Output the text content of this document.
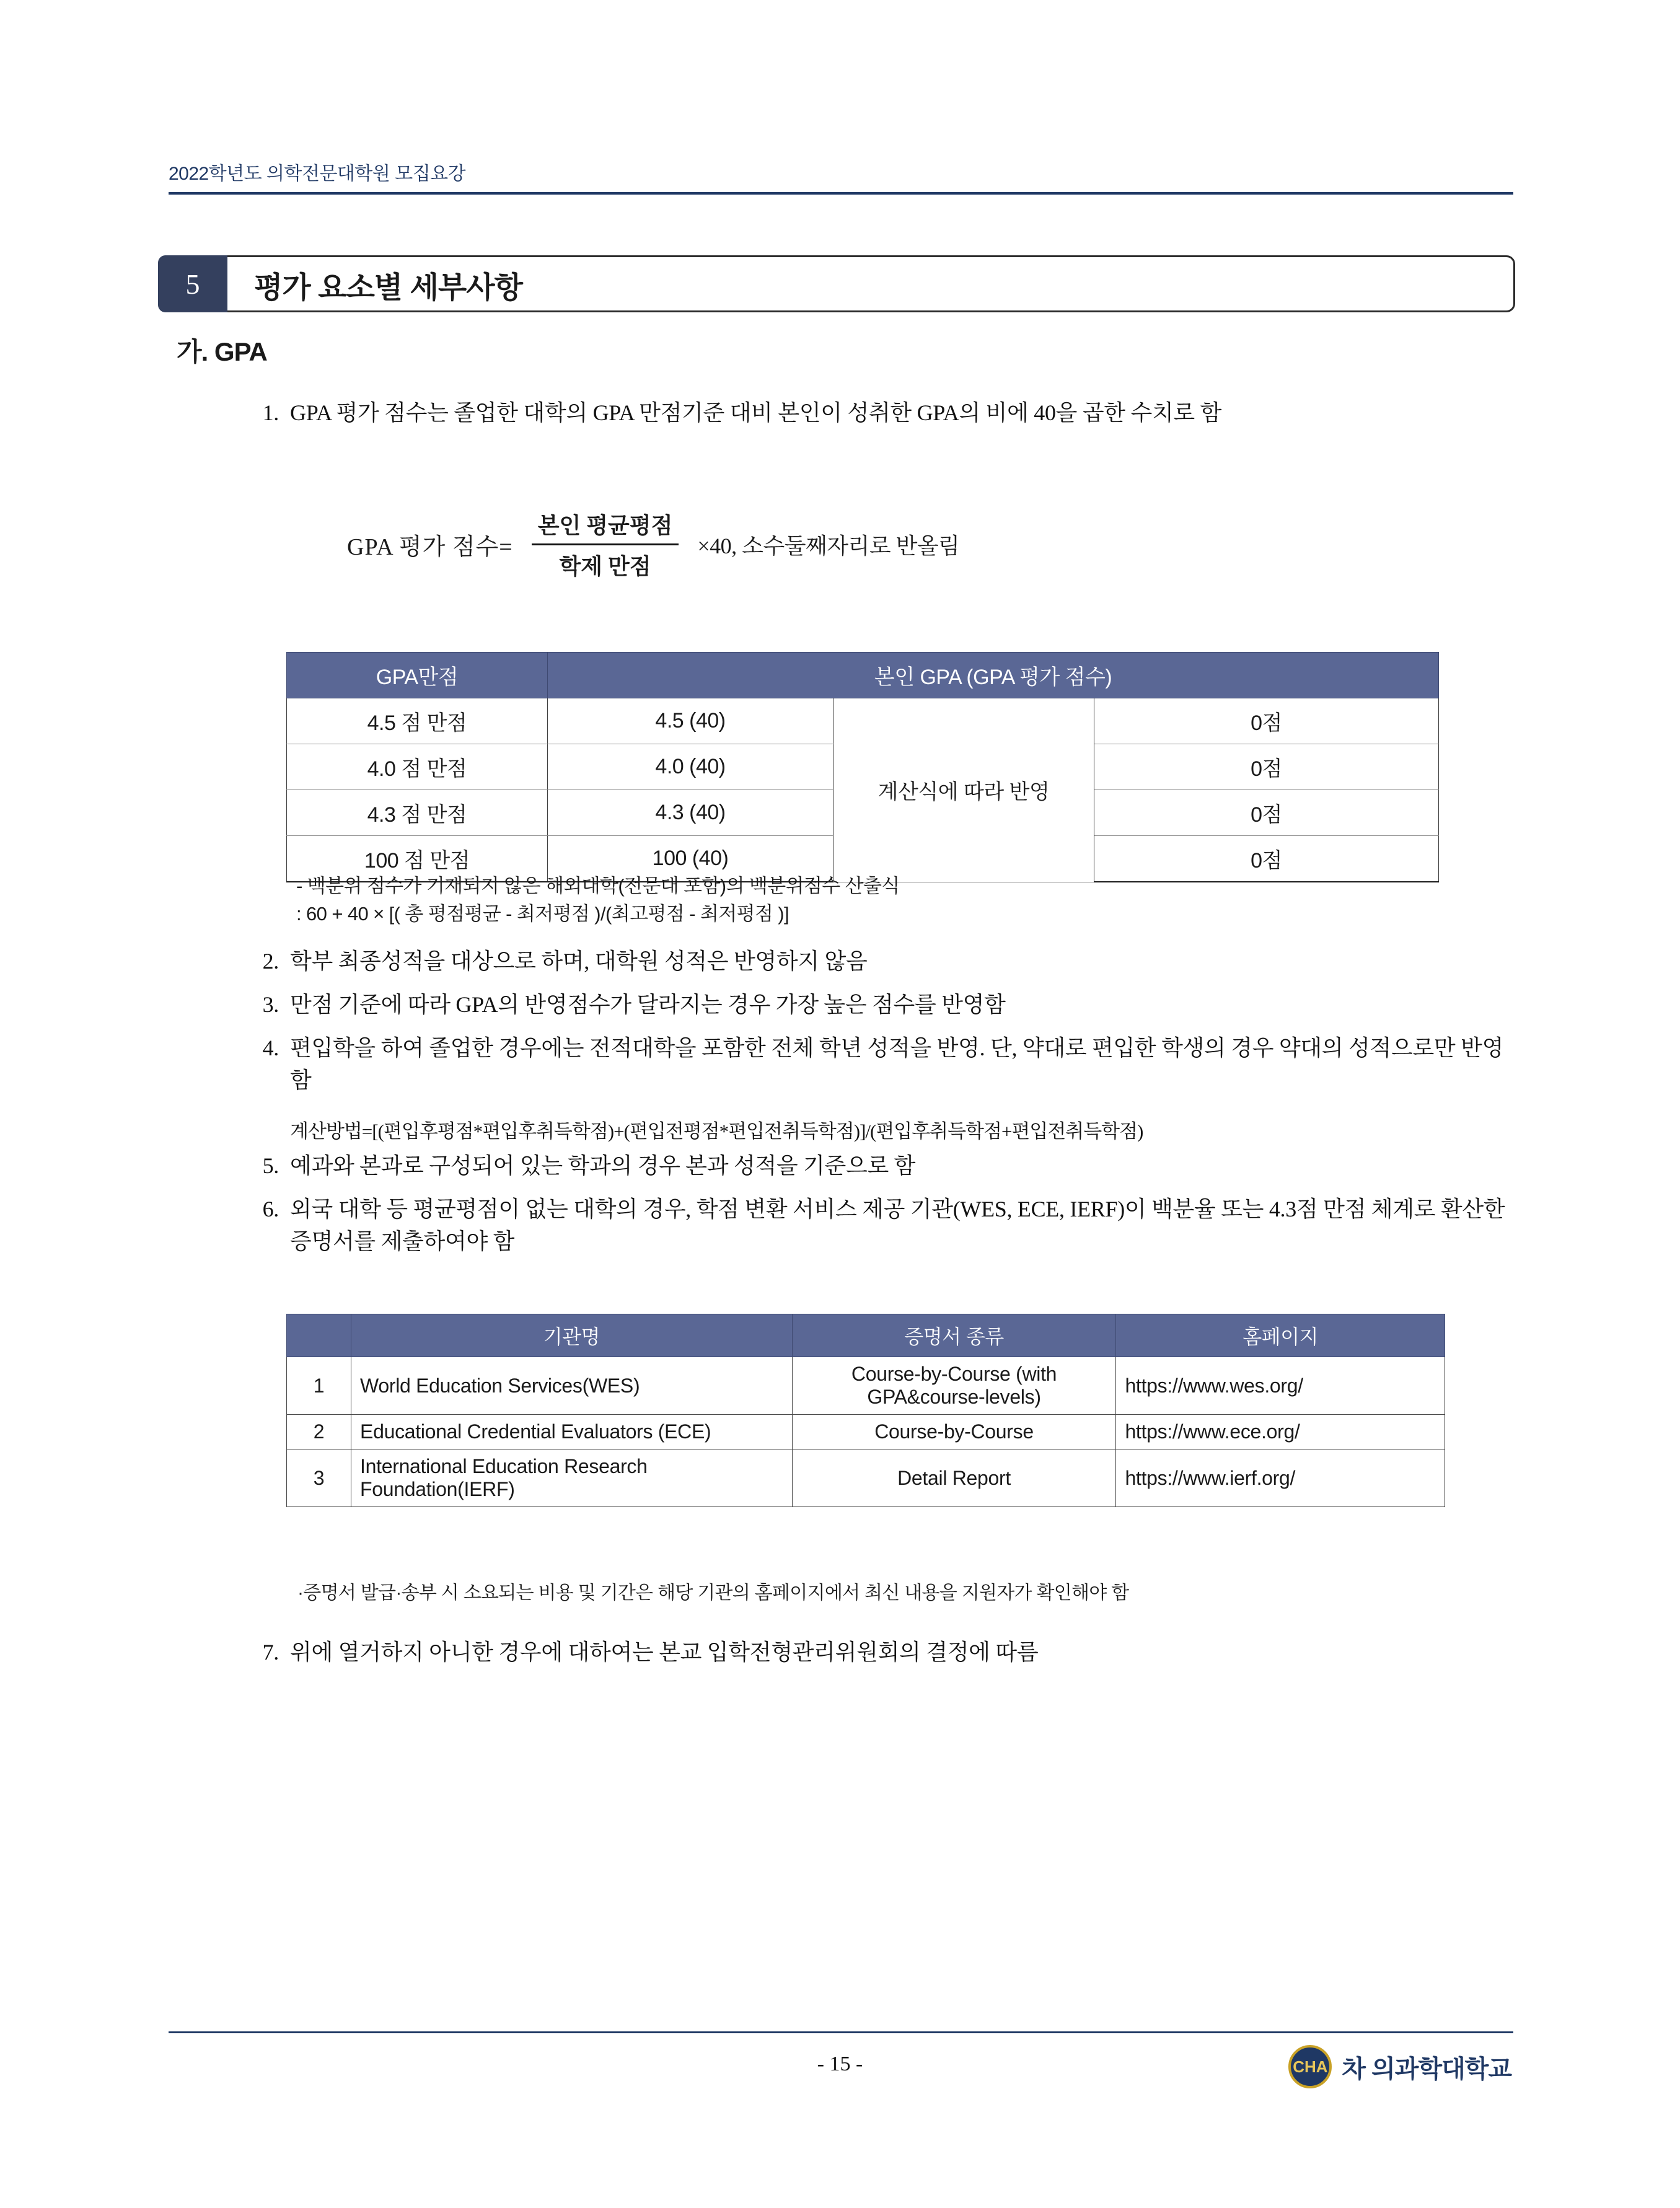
2022학년도 의학전문대학원 모집요강
5	평가 요소별 세부사항
가. GPA
1. GPA 평가 점수는 졸업한 대학의 GPA 만점기준 대비 본인이 성취한 GPA의 비에 40을 곱한 수치로 함
GPA 평가 점수= $\frac{\text{본인 평균평점}}{\text{학제 만점}} \times 40$, 소수둘째자리로 반올림
GPA만점	본인 GPA (GPA 평가 점수)		
4.5 점 만점	4.5 (40)	계산식에 따라 반영	0점
4.0 점 만점	4.0 (40)		0점
4.3 점 만점	4.3 (40)		0점
100 점 만점	100 (40)		0점
- 백분위 점수가 기재되지 않은 해외대학(전문대 포함)의 백분위점수 산출식
: 60 + 40 × [( 총 평점평균 - 최저평점 )/(최고평점 - 최저평점 )]
2. 학부 최종성적을 대상으로 하며, 대학원 성적은 반영하지 않음
3. 만점 기준에 따라 GPA의 반영점수가 달라지는 경우 가장 높은 점수를 반영함
4. 편입학을 하여 졸업한 경우에는 전적대학을 포함한 전체 학년 성적을 반영. 단, 약대로 편입한 학생의 경우 약대의 성적으로만 반영함
계산방법=[(편입후평점*편입후취득학점)+(편입전평점*편입전취득학점)]/(편입후취득학점+편입전취득학점)
5. 예과와 본과로 구성되어 있는 학과의 경우 본과 성적을 기준으로 함
6. 외국 대학 등 평균평점이 없는 대학의 경우, 학점 변환 서비스 제공 기관(WES, ECE, IERF)이 백분율 또는 4.3점 만점 체계로 환산한 증명서를 제출하여야 함
	기관명	증명서 종류	홈페이지
1	World Education Services(WES)	Course-by-Course (with GPA&course-levels)	https://www.wes.org/
2	Educational Credential Evaluators (ECE)	Course-by-Course	https://www.ece.org/
3	International Education Research Foundation(IERF)	Detail Report	https://www.ierf.org/
·증명서 발급·송부 시 소요되는 비용 및 기간은 해당 기관의 홈페이지에서 최신 내용을 지원자가 확인해야 함
7. 위에 열거하지 아니한 경우에 대하여는 본교 입학전형관리위원회의 결정에 따름
- 15 -	CHA 차 의과학대학교
